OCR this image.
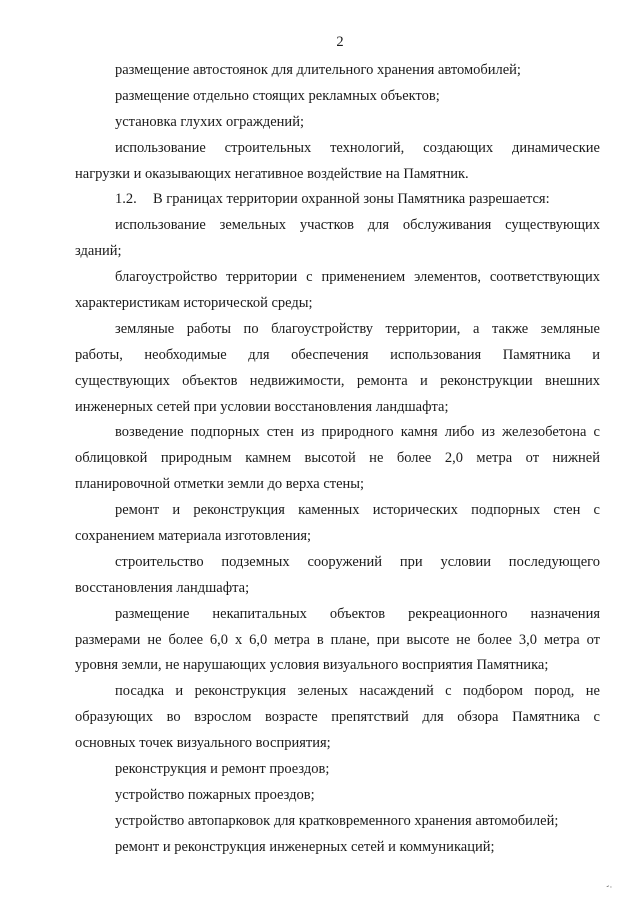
2
размещение автостоянок для длительного хранения автомобилей;
размещение отдельно стоящих рекламных объектов;
установка глухих ограждений;
использование строительных технологий, создающих динамические
нагрузки и оказывающих негативное воздействие на Памятник.
1.2. В границах территории охранной зоны Памятника разрешается:
использование земельных участков для обслуживания существующих
зданий;
благоустройство территории с применением элементов, соответствующих
характеристикам исторической среды;
земляные работы по благоустройству территории, а также земляные
работы, необходимые для обеспечения использования Памятника и
существующих объектов недвижимости, ремонта и реконструкции внешних
инженерных сетей при условии восстановления ландшафта;
возведение подпорных стен из природного камня либо из железобетона с
облицовкой природным камнем высотой не более 2,0 метра от нижней
планировочной отметки земли до верха стены;
ремонт и реконструкция каменных исторических подпорных стен с
сохранением материала изготовления;
строительство подземных сооружений при условии последующего
восстановления ландшафта;
размещение некапитальных объектов рекреационного назначения
размерами не более 6,0 х 6,0 метра в плане, при высоте не более 3,0 метра от
уровня земли, не нарушающих условия визуального восприятия Памятника;
посадка и реконструкция зеленых насаждений с подбором пород, не
образующих во взрослом возрасте препятствий для обзора Памятника с
основных точек визуального восприятия;
реконструкция и ремонт проездов;
устройство пожарных проездов;
устройство автопарковок для кратковременного хранения автомобилей;
ремонт и реконструкция инженерных сетей и коммуникаций;
-.
